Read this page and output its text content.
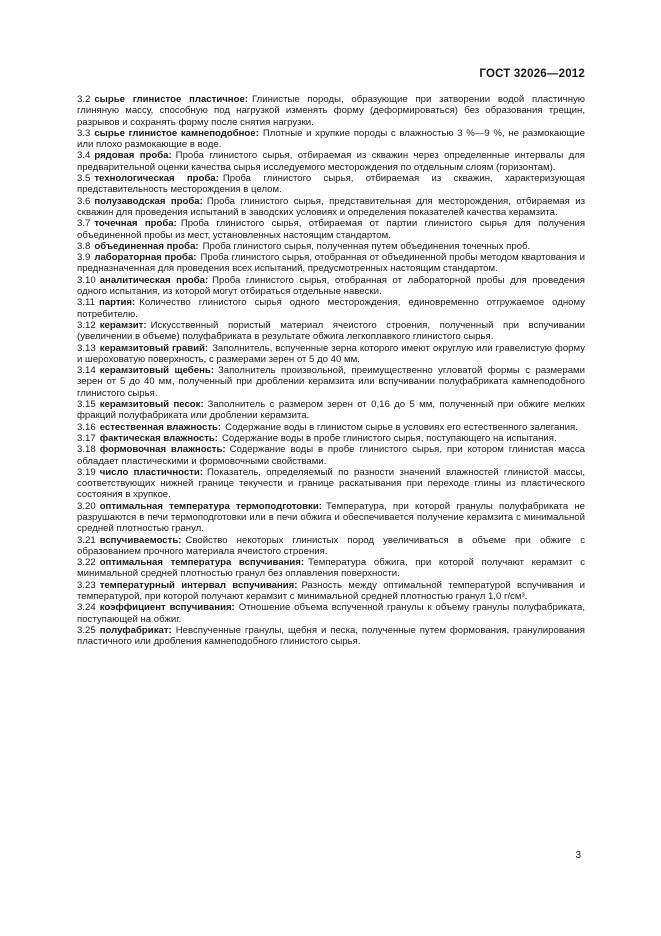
ГОСТ 32026—2012

3.2 сырье глинистое пластичное: Глинистые породы, образующие при затворении водой пластичную глиняную массу, способную под нагрузкой изменять форму (деформироваться) без образования трещин, разрывов и сохранять форму после снятия нагрузки.

3.3 сырье глинистое камнеподобное: Плотные и хрупкие породы с влажностью 3 %—9 %, не размокающие или плохо размокающие в воде.

3.4 рядовая проба: Проба глинистого сырья, отбираемая из скважин через определенные интервалы для предварительной оценки качества сырья исследуемого месторождения по отдельным слоям (горизонтам).

3.5 технологическая проба: Проба глинистого сырья, отбираемая из скважин, характеризующая представительность месторождения в целом.

3.6 полузаводская проба: Проба глинистого сырья, представительная для месторождения, отбираемая из скважин для проведения испытаний в заводских условиях и определения показателей качества керамзита.

3.7 точечная проба: Проба глинистого сырья, отбираемая от партии глинистого сырья для получения объединенной пробы из мест, установленных настоящим стандартом.

3.8 объединенная проба: Проба глинистого сырья, полученная путем объединения точечных проб.

3.9 лабораторная проба: Проба глинистого сырья, отобранная от объединенной пробы методом квартования и предназначенная для проведения всех испытаний, предусмотренных настоящим стандартом.

3.10 аналитическая проба: Проба глинистого сырья, отобранная от лабораторной пробы для проведения одного испытания, из которой могут отбираться отдельные навески.

3.11 партия: Количество глинистого сырья одного месторождения, единовременно отгружаемое одному потребителю.

3.12 керамзит: Искусственный пористый материал ячеистого строения, полученный при вспучивании (увеличении в объеме) полуфабриката в результате обжига легкоплавкого глинистого сырья.

3.13 керамзитовый гравий: Заполнитель, вспученные зерна которого имеют округлую или гравелистую форму и шероховатую поверхность, с размерами зерен от 5 до 40 мм.

3.14 керамзитовый щебень: Заполнитель произвольной, преимущественно угловатой формы с размерами зерен от 5 до 40 мм, полученный при дроблении керамзита или вспучивании полуфабриката камнеподобного глинистого сырья.

3.15 керамзитовый песок: Заполнитель с размером зерен от 0,16 до 5 мм, полученный при обжиге мелких фракций полуфабриката или дроблении керамзита.

3.16 естественная влажность: Содержание воды в глинистом сырье в условиях его естественного залегания.

3.17 фактическая влажность: Содержание воды в пробе глинистого сырья, поступающего на испытания.

3.18 формовочная влажность: Содержание воды в пробе глинистого сырья, при котором глинистая масса обладает пластическими и формовочными свойствами.

3.19 число пластичности: Показатель, определяемый по разности значений влажностей глинистой массы, соответствующих нижней границе текучести и границе раскатывания при переходе глины из пластического состояния в хрупкое.

3.20 оптимальная температура термоподготовки: Температура, при которой гранулы полуфабриката не разрушаются в печи термоподготовки или в печи обжига и обеспечивается получение керамзита с минимальной средней плотностью гранул.

3.21 вспучиваемость: Свойство некоторых глинистых пород увеличиваться в объеме при обжиге с образованием прочного материала ячеистого строения.

3.22 оптимальная температура вспучивания: Температура обжига, при которой получают керамзит с минимальной средней плотностью гранул без оплавления поверхности.

3.23 температурный интервал вспучивания: Разность между оптимальной температурой вспучивания и температурой, при которой получают керамзит с минимальной средней плотностью гранул 1,0 г/см³.

3.24 коэффициент вспучивания: Отношение объема вспученной гранулы к объему гранулы полуфабриката, поступающей на обжиг.

3.25 полуфабрикат: Невспученные гранулы, щебня и песка, полученные путем формования, гранулирования пластичного или дробления камнеподобного глинистого сырья.

3
